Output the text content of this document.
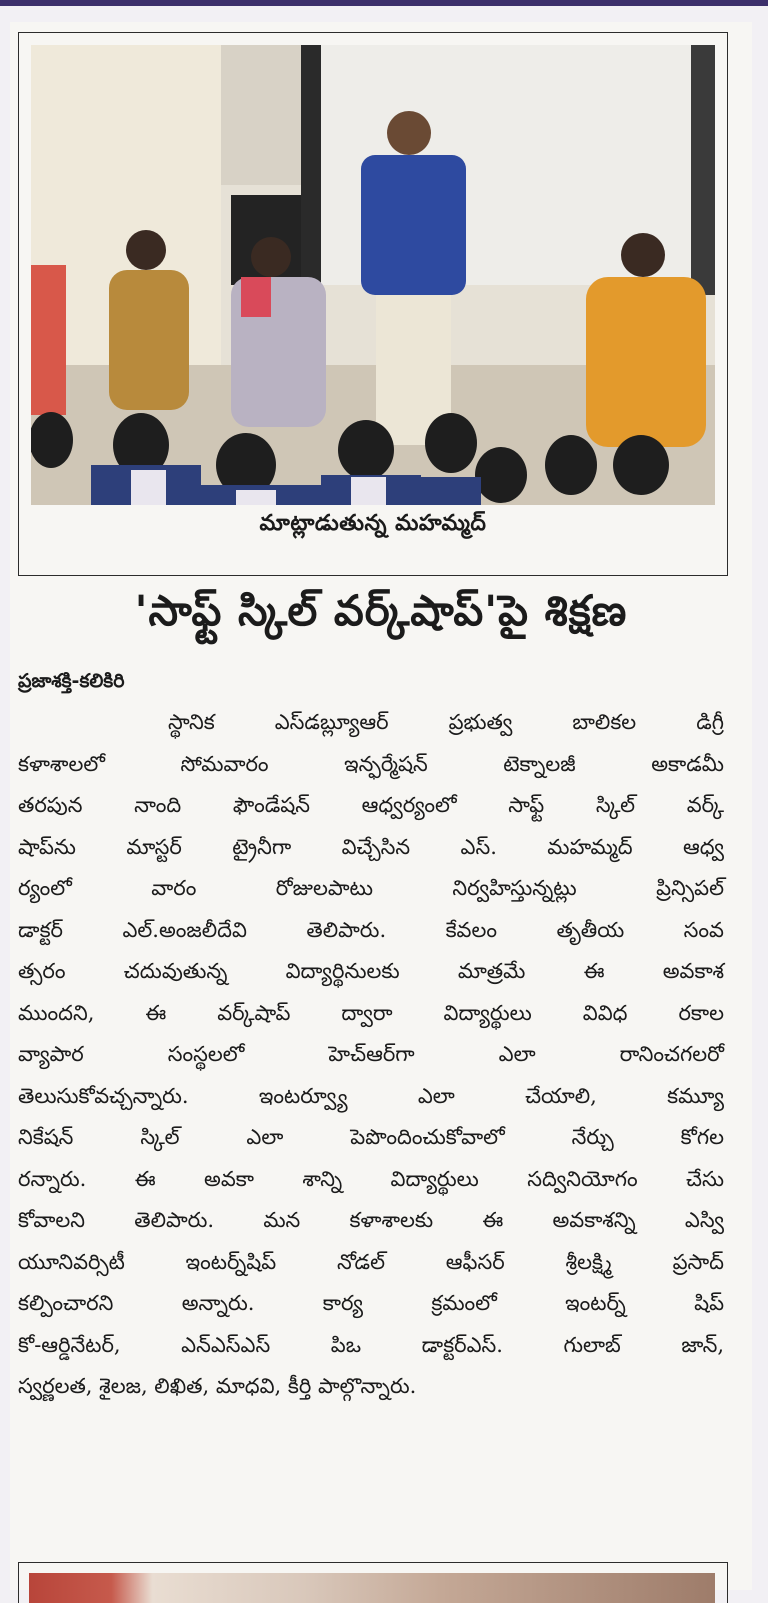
మాట్లాడుతున్న మహమ్మద్
'సాఫ్ట్ స్కిల్ వర్క్‌షాప్'పై శిక్షణ
ప్రజాశక్తి-కలికిరి
స్థానిక ఎస్‌డబ్ల్యూఆర్ ప్రభుత్వ బాలికల డిగ్రీ
కళాశాలలో సోమవారం ఇన్ఫర్మేషన్ టెక్నాలజీ అకాడమీ
తరపున నాంది ఫౌండేషన్ ఆధ్వర్యంలో సాఫ్ట్ స్కిల్ వర్క్
షాప్‌ను మాస్టర్ ట్రైనీగా విచ్చేసిన ఎస్. మహమ్మద్ ఆధ్వ
ర్యంలో వారం రోజులపాటు నిర్వహిస్తున్నట్లు ప్రిన్సిపల్
డాక్టర్ ఎల్.అంజలీదేవి తెలిపారు. కేవలం తృతీయ సంవ
త్సరం చదువుతున్న విద్యార్థినులకు మాత్రమే ఈ అవకాశ
ముందని, ఈ వర్క్‌షాప్ ద్వారా విద్యార్థులు వివిధ రకాల
వ్యాపార సంస్థలలో హెచ్‌ఆర్‌గా ఎలా రానించగలరో
తెలుసుకోవచ్చన్నారు. ఇంటర్వ్యూ ఎలా చేయాలి, కమ్యూ
నికేషన్ స్కిల్ ఎలా పెపొందించుకోవాలో నేర్చు కోగల
రన్నారు. ఈ అవకా శాన్ని విద్యార్థులు సద్వినియోగం చేసు
కోవాలని తెలిపారు. మన కళాశాలకు ఈ అవకాశన్ని ఎస్వి
యూనివర్సిటీ ఇంటర్న్‌షిప్ నోడల్ ఆఫీసర్ శ్రీలక్ష్మి ప్రసాద్
కల్పించారని అన్నారు. కార్య క్రమంలో ఇంటర్న్ షిప్
కో-ఆర్డినేటర్, ఎన్ఎస్ఎస్ పిఒ డాక్టర్ఎస్. గులాబ్ జాన్,
స్వర్ణలత, శైలజ, లిఖిత, మాధవి, కీర్తి పాల్గొన్నారు.
